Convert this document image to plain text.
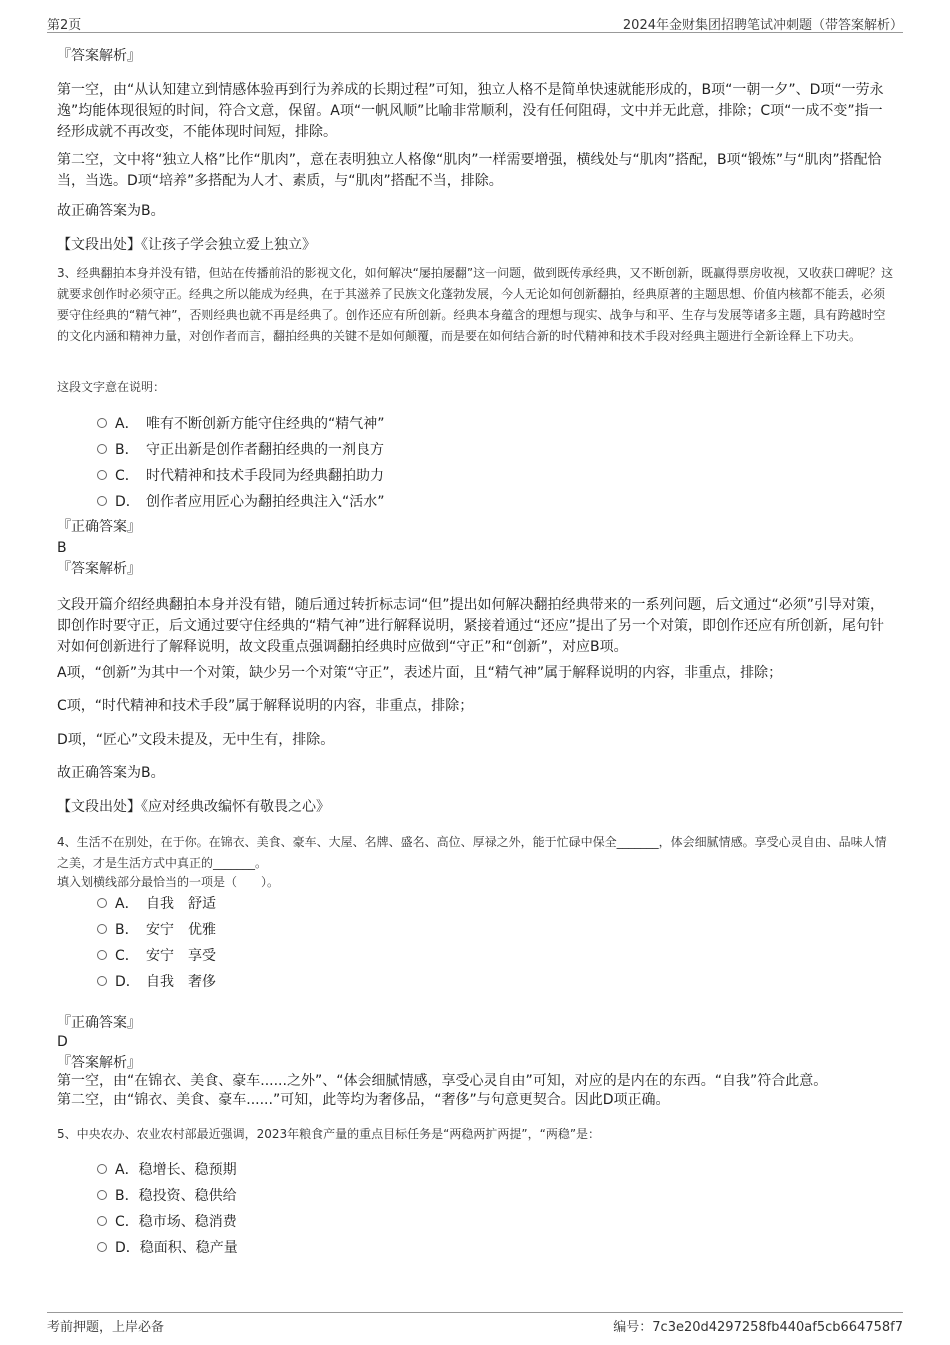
第2页	2024年金财集团招聘笔试冲刺题（带答案解析）
『答案解析』
第一空，由“从认知建立到情感体验再到行为养成的长期过程”可知，独立人格不是简单快速就能形成的，B项“一朝一夕”、D项“一劳永逸”均能体现很短的时间，符合文意，保留。A项“一帆风顺”比喻非常顺利，没有任何阻碍，文中并无此意，排除；C项“一成不变”指一经形成就不再改变，不能体现时间短，排除。
第二空，文中将“独立人格”比作“肌肉”，意在表明独立人格像“肌肉”一样需要增强，横线处与“肌肉”搭配，B项“锻炼”与“肌肉”搭配恰当，当选。D项“培养”多搭配为人才、素质，与“肌肉”搭配不当，排除。
故正确答案为B。
【文段出处】《让孩子学会独立爱上独立》
3、经典翻拍本身并没有错，但站在传播前沿的影视文化，如何解决“屡拍屡翻”这一问题，做到既传承经典，又不断创新，既赢得票房收视，又收获口碑呢？这就要求创作时必须守正。经典之所以能成为经典，在于其滋养了民族文化蓬勃发展，今人无论如何创新翻拍，经典原著的主题思想、价值内核都不能丢，必须要守住经典的“精气神”，否则经典也就不再是经典了。创作还应有所创新。经典本身蕴含的理想与现实、战争与和平、生存与发展等诸多主题，具有跨越时空的文化内涵和精神力量，对创作者而言，翻拍经典的关键不是如何颠覆，而是要在如何结合新的时代精神和技术手段对经典主题进行全新诠释上下功夫。
这段文字意在说明：
A． 唯有不断创新方能守住经典的“精气神”
B． 守正出新是创作者翻拍经典的一剂良方
C． 时代精神和技术手段同为经典翻拍助力
D． 创作者应用匠心为翻拍经典注入“活水”
『正确答案』
B
『答案解析』
文段开篇介绍经典翻拍本身并没有错，随后通过转折标志词“但”提出如何解决翻拍经典带来的一系列问题，后文通过“必须”引导对策，即创作时要守正，后文通过要守住经典的“精气神”进行解释说明，紧接着通过“还应”提出了另一个对策，即创作还应有所创新，尾句针对如何创新进行了解释说明，故文段重点强调翻拍经典时应做到“守正”和“创新”，对应B项。
A项，“创新”为其中一个对策，缺少另一个对策“守正”，表述片面，且“精气神”属于解释说明的内容，非重点，排除；
C项，“时代精神和技术手段”属于解释说明的内容，非重点，排除；
D项，“匠心”文段未提及，无中生有，排除。
故正确答案为B。
【文段出处】《应对经典改编怀有敬畏之心》
4、生活不在别处，在于你。在锦衣、美食、豪车、大屋、名牌、盛名、高位、厚禄之外，能于忙碌中保全_______，体会细腻情感。享受心灵自由、品味人情之美，才是生活方式中真正的_______。
填入划横线部分最恰当的一项是（　　）。
A． 自我　舒适
B． 安宁　优雅
C． 安宁　享受
D． 自我　奢侈
『正确答案』
D
『答案解析』
第一空，由“在锦衣、美食、豪车......之外”、“体会细腻情感，享受心灵自由”可知，对应的是内在的东西。“自我”符合此意。
第二空，由“锦衣、美食、豪车......”可知，此等均为奢侈品，“奢侈”与句意更契合。因此D项正确。
5、中央农办、农业农村部最近强调，2023年粮食产量的重点目标任务是“两稳两扩两提”，“两稳”是：
A．稳增长、稳预期
B．稳投资、稳供给
C．稳市场、稳消费
D．稳面积、稳产量
考前押题，上岸必备	编号：7c3e20d4297258fb440af5cb664758f7
